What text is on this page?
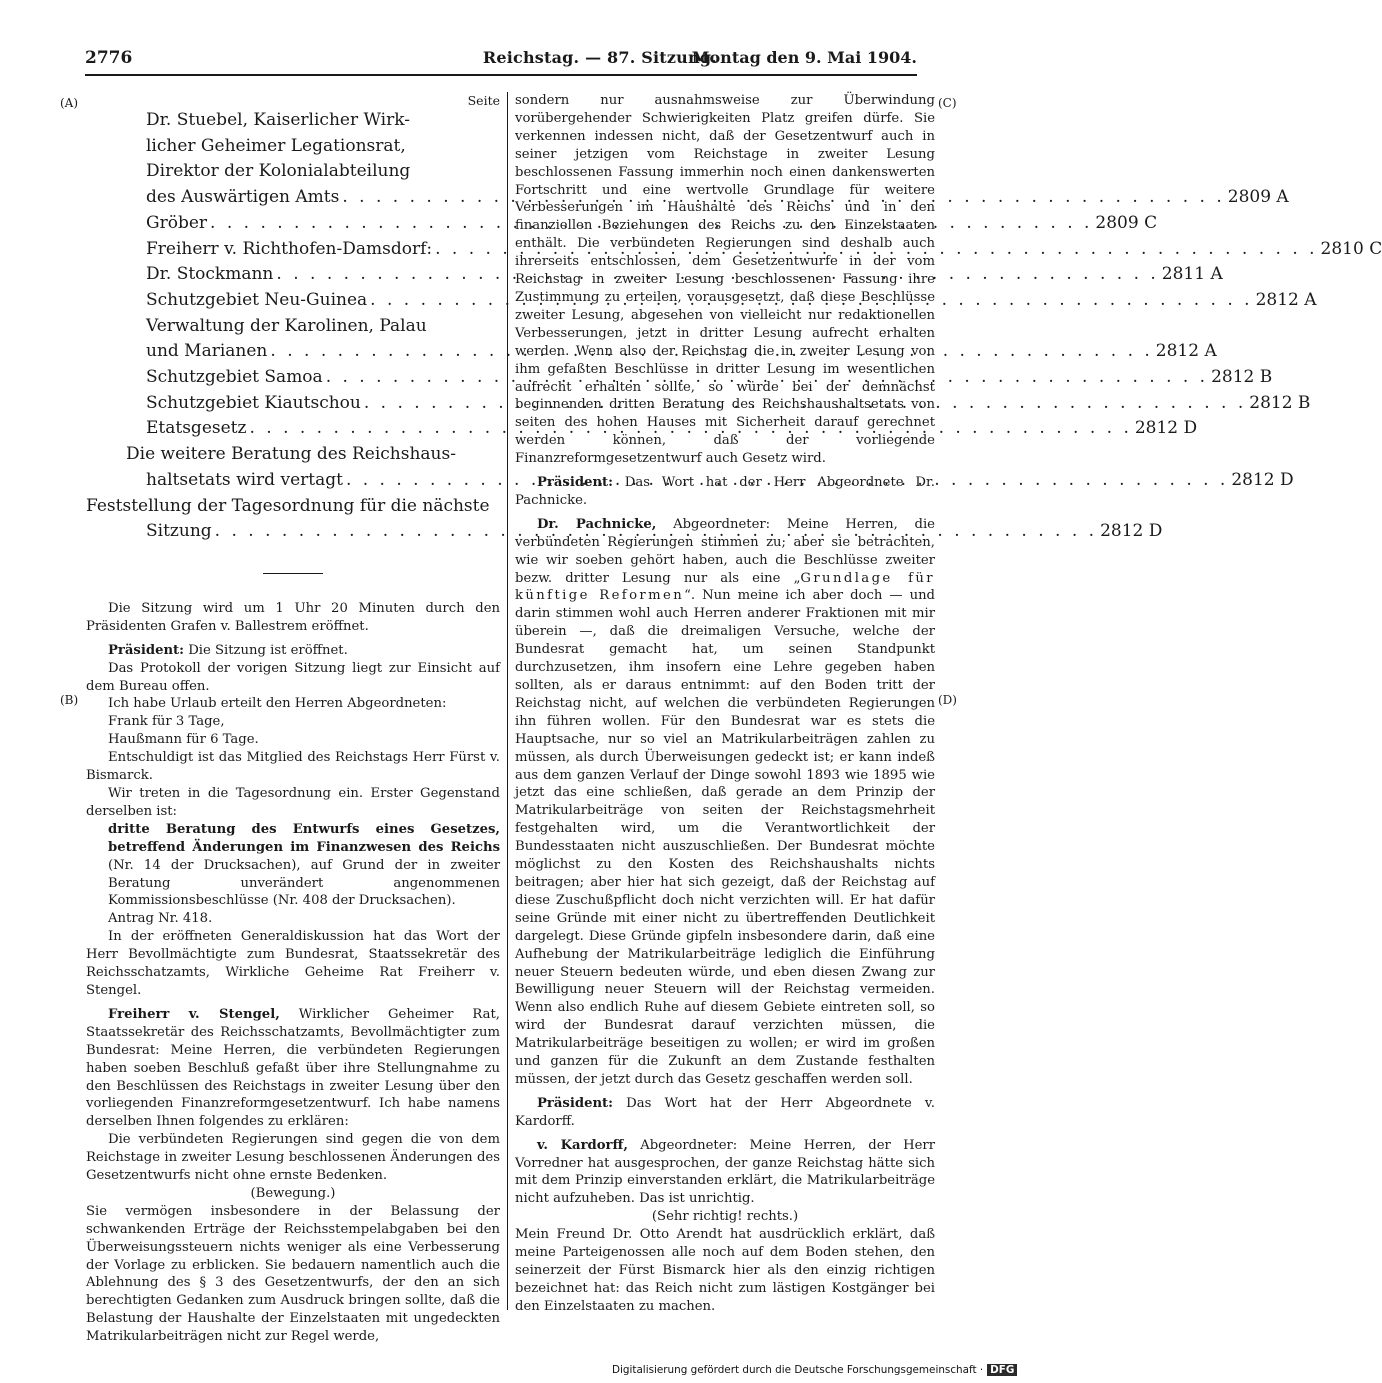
2776	Reichstag. — 87. Sitzung.
Montag den 9. Mai 1904.
(A)
(B)
(C)
(D)
Seite
Dr. Stuebel, Kaiserlicher Wirk-
licher Geheimer Legationsrat,
Direktor der Kolonialabteilung
des Auswärtigen Amts . . .	2809 A
Gröber . . .	2809 C
Freiherr v. Richthofen-Damsdorf: . . .	2810 C
Dr. Stockmann . . .	2811 A
Schutzgebiet Neu-Guinea . . .	2812 A
Verwaltung der Karolinen, Palau
und Marianen . . .	2812 A
Schutzgebiet Samoa . . .	2812 B
Schutzgebiet Kiautschou . . .	2812 B
Etatsgesetz . . .	2812 D
Die weitere Beratung des Reichshaus-
haltsetats wird vertagt . . .	2812 D
Feststellung der Tagesordnung für die nächste
Sitzung . . .	2812 D

Die Sitzung wird um 1 Uhr 20 Minuten durch den Präsidenten Grafen v. Ballestrem eröffnet.

Präsident: Die Sitzung ist eröffnet.

Das Protokoll der vorigen Sitzung liegt zur Einsicht auf dem Bureau offen.

Ich habe Urlaub erteilt den Herren Abgeordneten:

Frank für 3 Tage,

Haußmann für 6 Tage.

Entschuldigt ist das Mitglied des Reichstags Herr Fürst v. Bismarck.

Wir treten in die Tagesordnung ein. Erster Gegenstand derselben ist:

dritte Beratung des Entwurfs eines Gesetzes, betreffend Änderungen im Finanzwesen des Reichs (Nr. 14 der Drucksachen), auf Grund der in zweiter Beratung unverändert angenommenen Kommissionsbeschlüsse (Nr. 408 der Drucksachen).

Antrag Nr. 418.

In der eröffneten Generaldiskussion hat das Wort der Herr Bevollmächtigte zum Bundesrat, Staatssekretär des Reichsschatzamts, Wirkliche Geheime Rat Freiherr v. Stengel.

Freiherr v. Stengel, Wirklicher Geheimer Rat, Staatssekretär des Reichsschatzamts, Bevollmächtigter zum Bundesrat: Meine Herren, die verbündeten Regierungen haben soeben Beschluß gefaßt über ihre Stellungnahme zu den Beschlüssen des Reichstags in zweiter Lesung über den vorliegenden Finanzreformgesetzentwurf. Ich habe namens derselben Ihnen folgendes zu erklären:

Die verbündeten Regierungen sind gegen die von dem Reichstage in zweiter Lesung beschlossenen Änderungen des Gesetzentwurfs nicht ohne ernste Bedenken.

(Bewegung.)

Sie vermögen insbesondere in der Belassung der schwankenden Erträge der Reichsstempelabgaben bei den Überweisungssteuern nichts weniger als eine Verbesserung der Vorlage zu erblicken. Sie bedauern namentlich auch die Ablehnung des § 3 des Gesetzentwurfs, der den an sich berechtigten Gedanken zum Ausdruck bringen sollte, daß die Belastung der Haushalte der Einzelstaaten mit ungedeckten Matrikularbeiträgen nicht zur Regel werde,

sondern nur ausnahmsweise zur Überwindung vorübergehender Schwierigkeiten Platz greifen dürfe. Sie verkennen indessen nicht, daß der Gesetzentwurf auch in seiner jetzigen vom Reichstage in zweiter Lesung beschlossenen Fassung immerhin noch einen dankenswerten Fortschritt und eine wertvolle Grundlage für weitere Verbesserungen im Haushalte des Reichs und in den finanziellen Beziehungen des Reichs zu den Einzelstaaten enthält. Die verbündeten Regierungen sind deshalb auch ihrerseits entschlossen, dem Gesetzentwurfe in der vom Reichstag in zweiter Lesung beschlossenen Fassung ihre Zustimmung zu erteilen, vorausgesetzt, daß diese Beschlüsse zweiter Lesung, abgesehen von vielleicht nur redaktionellen Verbesserungen, jetzt in dritter Lesung aufrecht erhalten werden. Wenn also der Reichstag die in zweiter Lesung von ihm gefaßten Beschlüsse in dritter Lesung im wesentlichen aufrecht erhalten sollte, so würde bei der demnächst beginnenden dritten Beratung des Reichshaushaltsetats von seiten des hohen Hauses mit Sicherheit darauf gerechnet werden können, daß der vorliegende Finanzreformgesetzentwurf auch Gesetz wird.

Präsident: Das Wort hat der Herr Abgeordnete Dr. Pachnicke.

Dr. Pachnicke, Abgeordneter: Meine Herren, die verbündeten Regierungen stimmen zu; aber sie betrachten, wie wir soeben gehört haben, auch die Beschlüsse zweiter bezw. dritter Lesung nur als eine „Grundlage für künftige Reformen“. Nun meine ich aber doch — und darin stimmen wohl auch Herren anderer Fraktionen mit mir überein —, daß die dreimaligen Versuche, welche der Bundesrat gemacht hat, um seinen Standpunkt durchzusetzen, ihm insofern eine Lehre gegeben haben sollten, als er daraus entnimmt: auf den Boden tritt der Reichstag nicht, auf welchen die verbündeten Regierungen ihn führen wollen. Für den Bundesrat war es stets die Hauptsache, nur so viel an Matrikularbeiträgen zahlen zu müssen, als durch Überweisungen gedeckt ist; er kann indeß aus dem ganzen Verlauf der Dinge sowohl 1893 wie 1895 wie jetzt das eine schließen, daß gerade an dem Prinzip der Matrikularbeiträge von seiten der Reichstagsmehrheit festgehalten wird, um die Verantwortlichkeit der Bundesstaaten nicht auszuschließen. Der Bundesrat möchte möglichst zu den Kosten des Reichshaushalts nichts beitragen; aber hier hat sich gezeigt, daß der Reichstag auf diese Zuschußpflicht doch nicht verzichten will. Er hat dafür seine Gründe mit einer nicht zu übertreffenden Deutlichkeit dargelegt. Diese Gründe gipfeln insbesondere darin, daß eine Aufhebung der Matrikularbeiträge lediglich die Einführung neuer Steuern bedeuten würde, und eben diesen Zwang zur Bewilligung neuer Steuern will der Reichstag vermeiden. Wenn also endlich Ruhe auf diesem Gebiete eintreten soll, so wird der Bundesrat darauf verzichten müssen, die Matrikularbeiträge beseitigen zu wollen; er wird im großen und ganzen für die Zukunft an dem Zustande festhalten müssen, der jetzt durch das Gesetz geschaffen werden soll.

Präsident: Das Wort hat der Herr Abgeordnete v. Kardorff.

v. Kardorff, Abgeordneter: Meine Herren, der Herr Vorredner hat ausgesprochen, der ganze Reichstag hätte sich mit dem Prinzip einverstanden erklärt, die Matrikularbeiträge nicht aufzuheben. Das ist unrichtig.

(Sehr richtig! rechts.)

Mein Freund Dr. Otto Arendt hat ausdrücklich erklärt, daß meine Parteigenossen alle noch auf dem Boden stehen, den seinerzeit der Fürst Bismarck hier als den einzig richtigen bezeichnet hat: das Reich nicht zum lästigen Kostgänger bei den Einzelstaaten zu machen.

Digitalisierung gefördert durch die Deutsche Forschungsgemeinschaft · DFG
